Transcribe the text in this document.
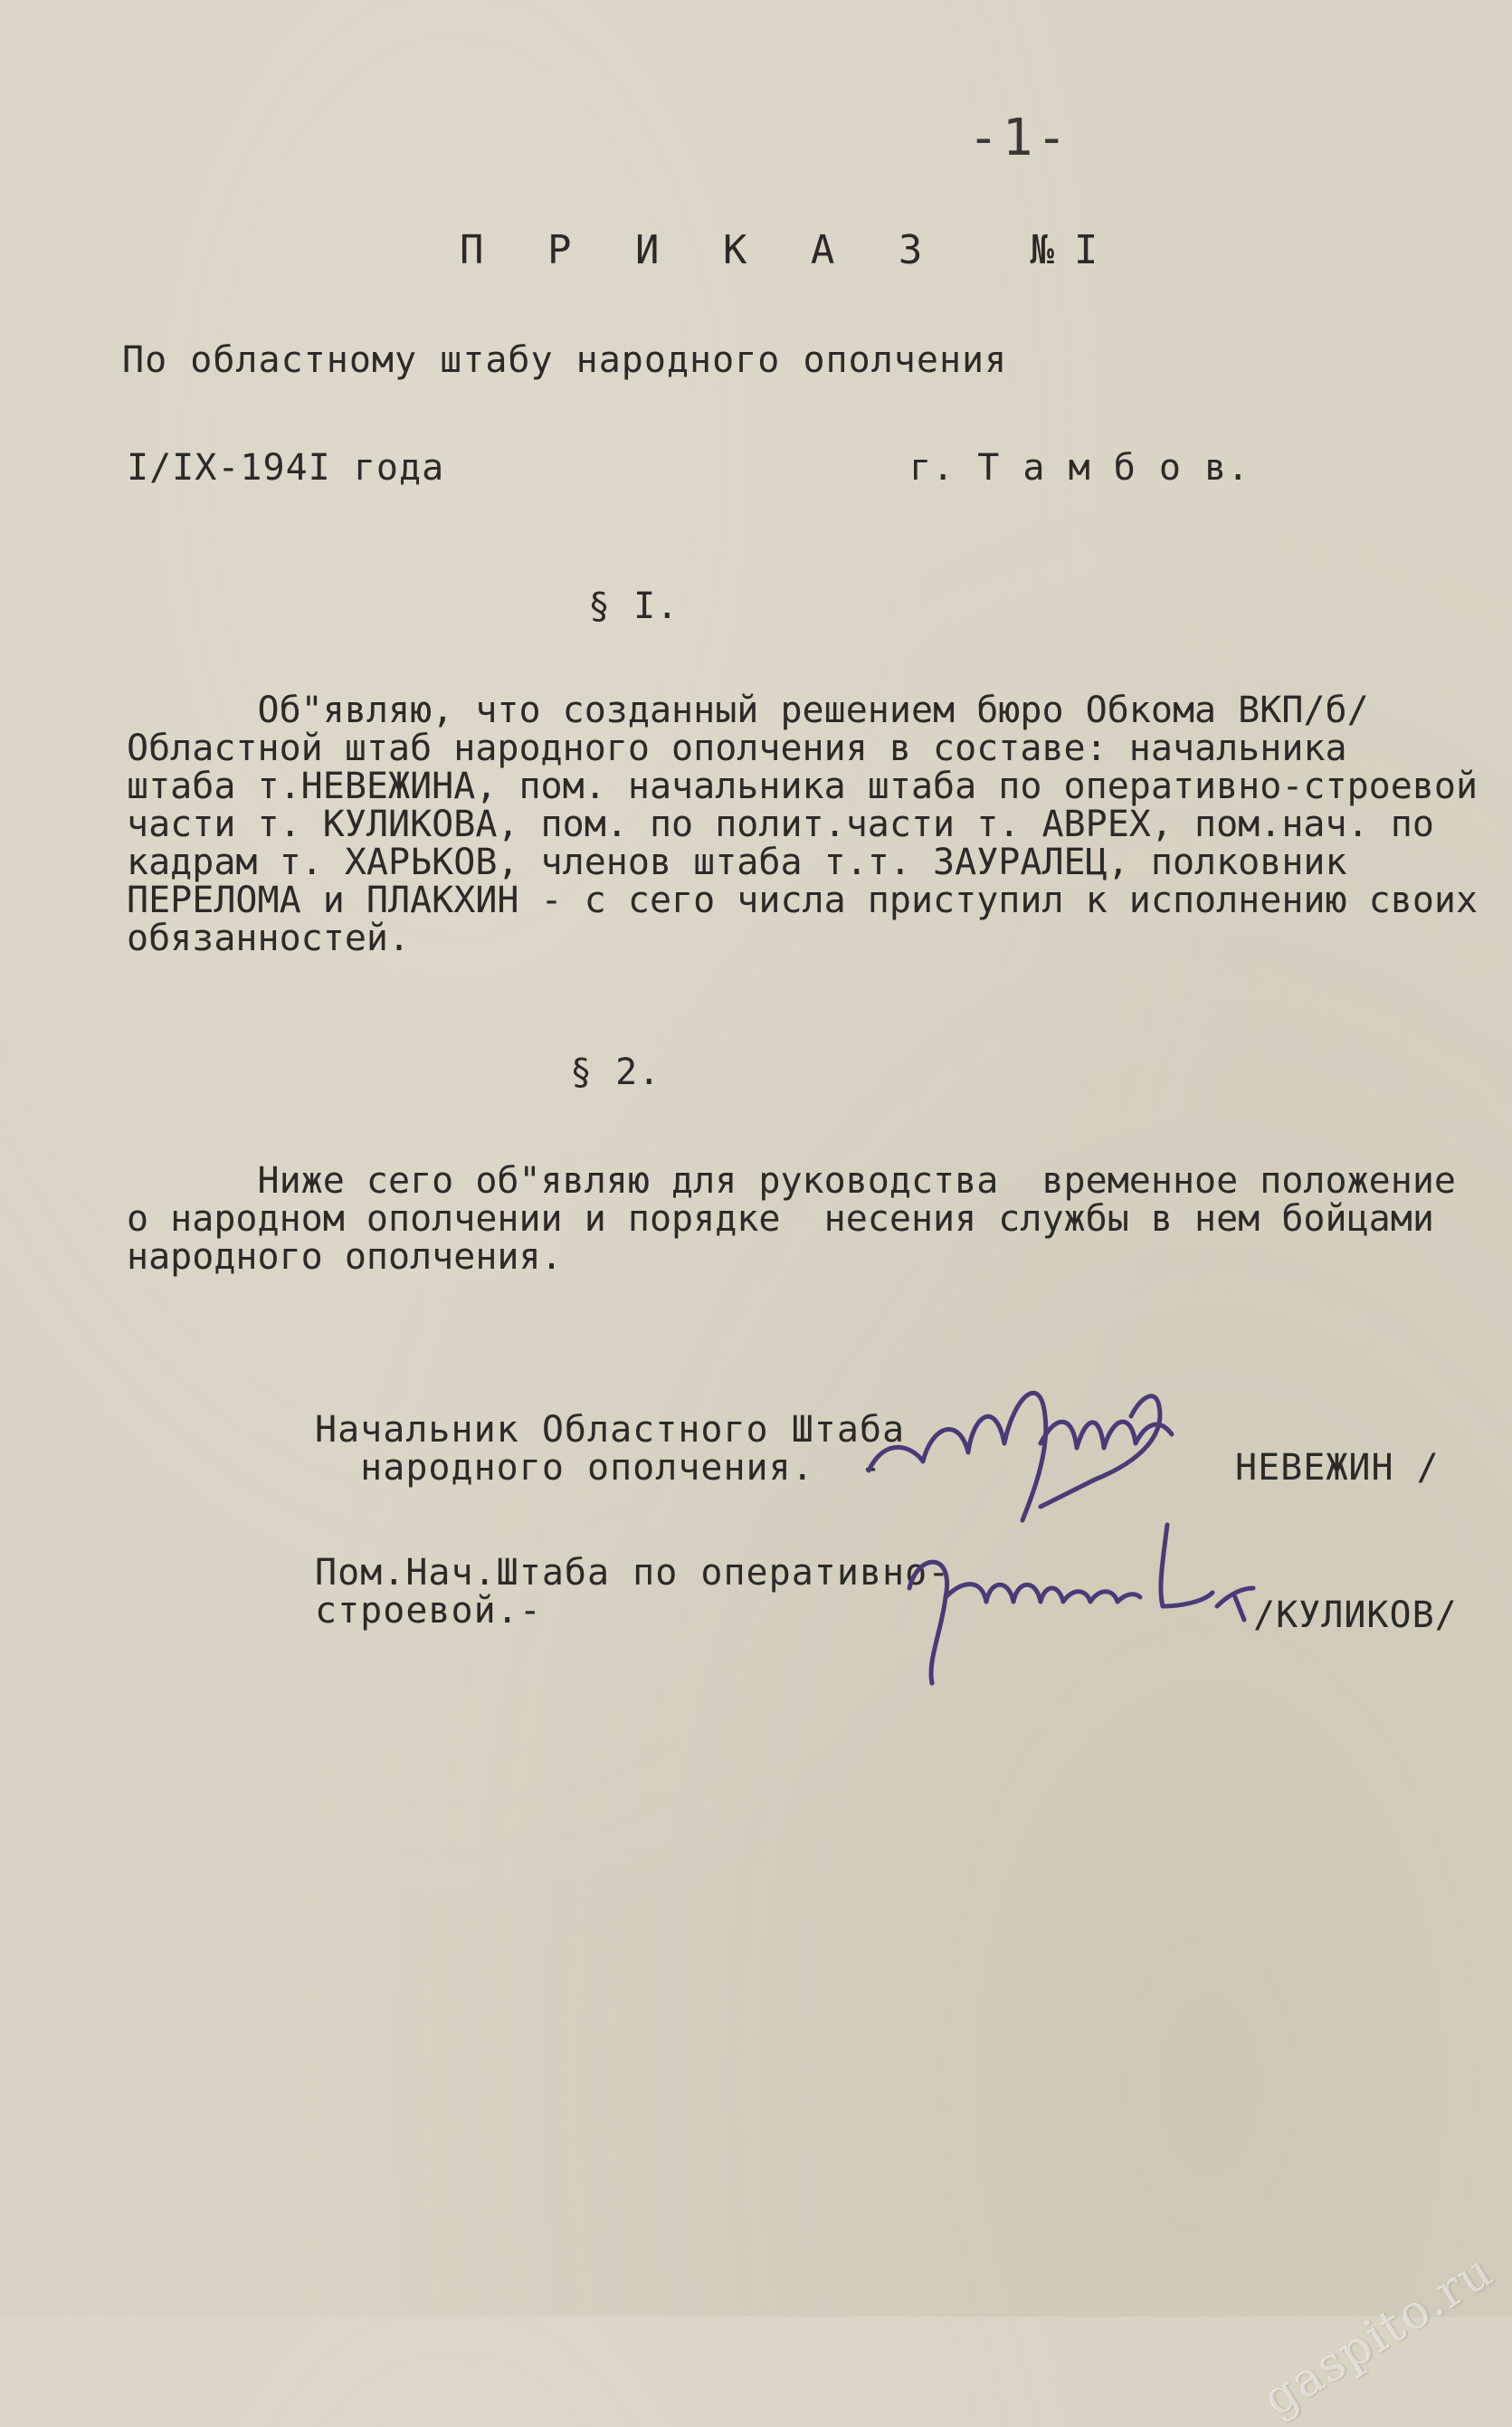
-1-
П Р И К А З  №I
По областному штабу народного ополчения
I/IX-194I года	г. Т а м б о в.
§ I.
Об"являю, что созданный решением бюро Обкома ВКП/б/
Областной штаб народного ополчения в составе: начальника
штаба т.НЕВЕЖИНА, пом. начальника штаба по оперативно-строевой
части т. КУЛИКОВА, пом. по полит.части т. АВРЕХ, пом.нач. по
кадрам т. ХАРЬКОВ, членов штаба т.т. ЗАУРАЛЕЦ, полковник
ПЕРЕЛОМА и ПЛАКХИН - с сего числа приступил к исполнению своих
обязанностей.
§ 2.
Ниже сего об"являю для руководства  временное положение
о народном ополчении и порядке  несения службы в нем бойцами
народного ополчения.
Начальник Областного Штаба
народного ополчения.  -	НЕВЕЖИН /
Пом.Нач.Штаба по оперативно-
строевой.-	/КУЛИКОВ/
gaspito.ru
